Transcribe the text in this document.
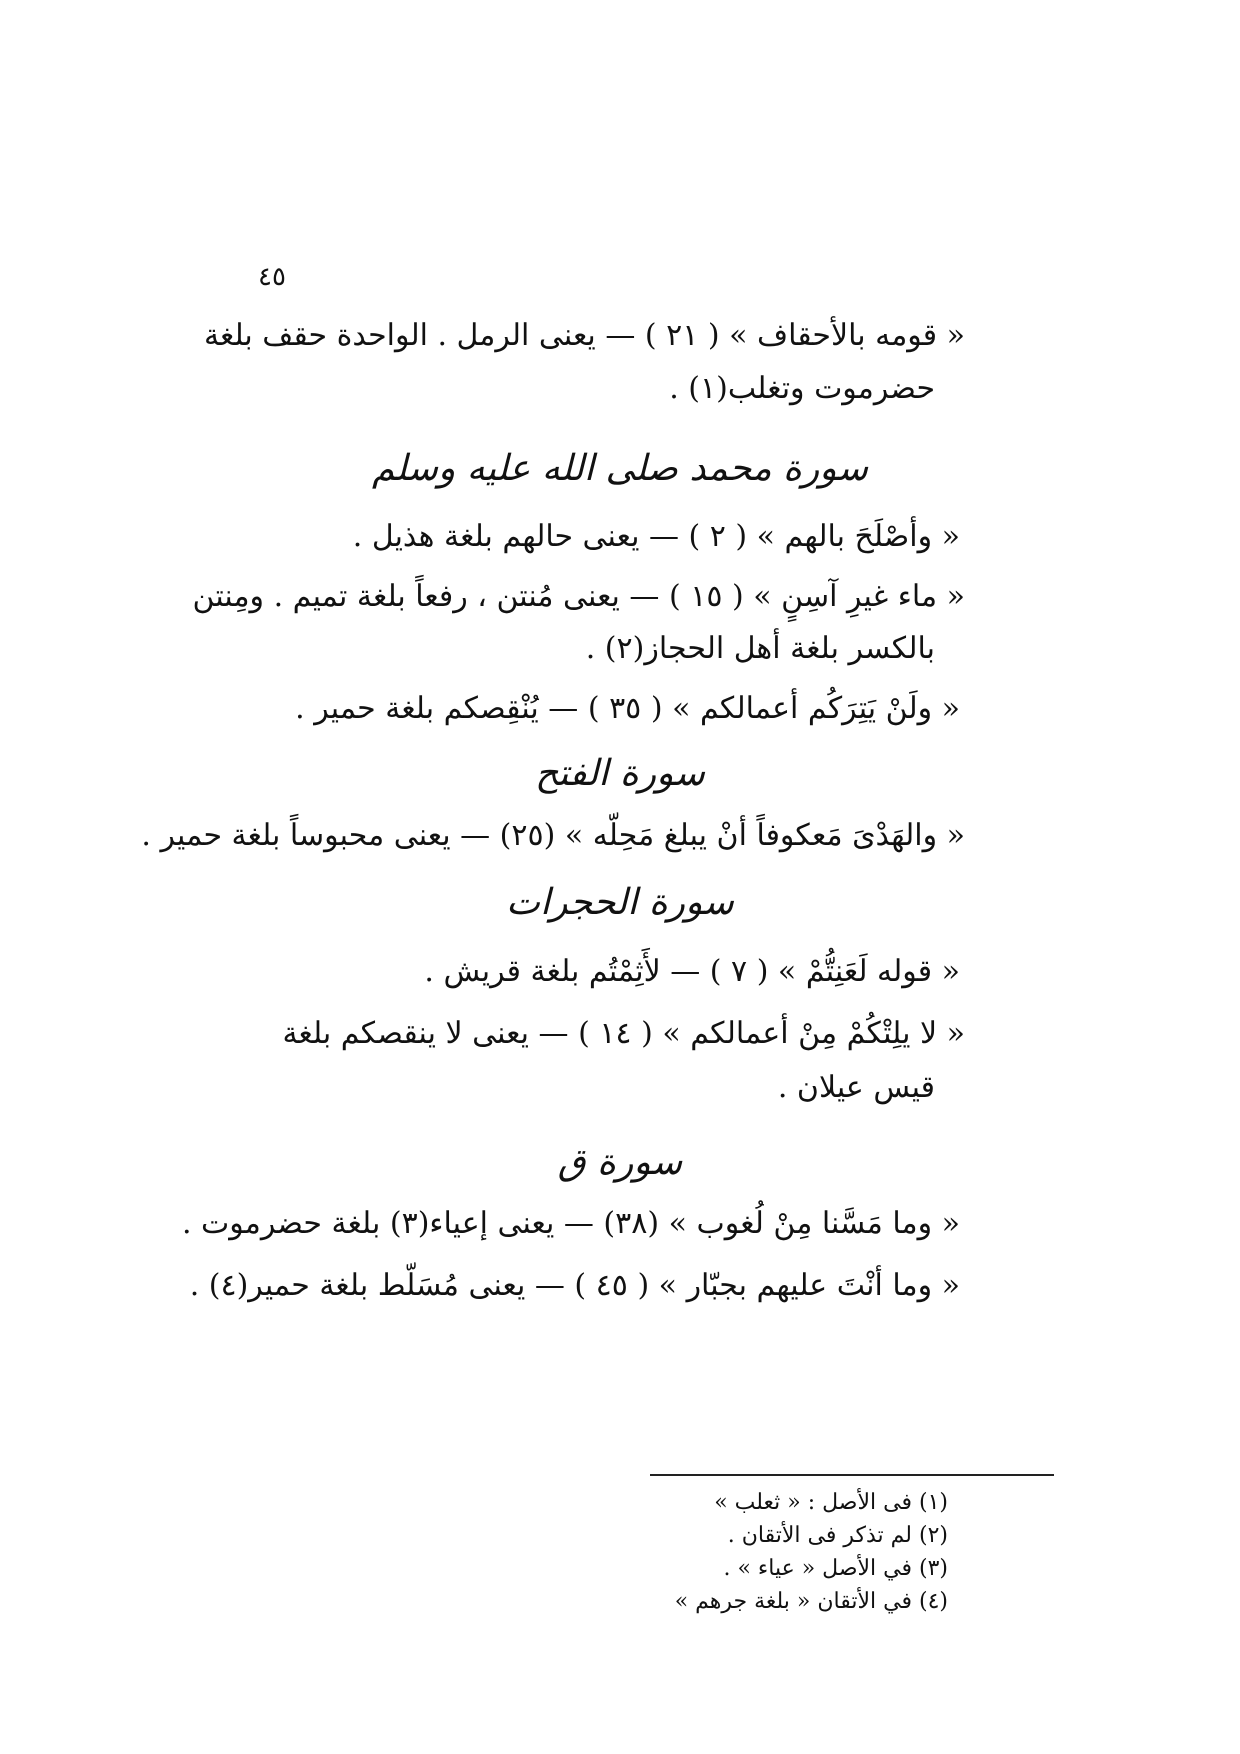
٤٥
« قومه بالأحقاف » ( ٢١ ) — يعنى الرمل . الواحدة حقف بلغة
حضرموت وتغلب(١) .
سورة محمد صلى الله عليه وسلم
« وأصْلَحَ بالهم » ( ٢ ) — يعنى حالهم بلغة هذيل .
« ماء غيرِ آسِنٍ » ( ١٥ ) — يعنى مُنتن ، رفعاً بلغة تميم . ومِنتن
بالكسر بلغة أهل الحجاز(٢) .
« ولَنْ يَتِرَكُم أعمالكم » ( ٣٥ ) — يُنْقِصكم بلغة حمير .
سورة الفتح
« والهَدْىَ مَعكوفاً أنْ يبلغ مَحِلّه » (٢٥) — يعنى محبوساً بلغة حمير .
سورة الحجرات
« قوله لَعَنِتُّمْ » ( ٧ ) — لأَثِمْتُم بلغة قريش .
« لا يلِتْكُمْ مِنْ أعمالكم » ( ١٤ ) — يعنى لا ينقصكم بلغة
قيس عيلان .
سورة ق
« وما مَسَّنا مِنْ لُغوب » (٣٨) — يعنى إعياء(٣) بلغة حضرموت .
« وما أنْتَ عليهم بجبّار » ( ٤٥ ) — يعنى مُسَلّط بلغة حمير(٤) .
(١) فى الأصل : « ثعلب »
(٢) لم تذكر فى الأتقان .
(٣) في الأصل « عياء » .
(٤) في الأتقان « بلغة جرهم »
